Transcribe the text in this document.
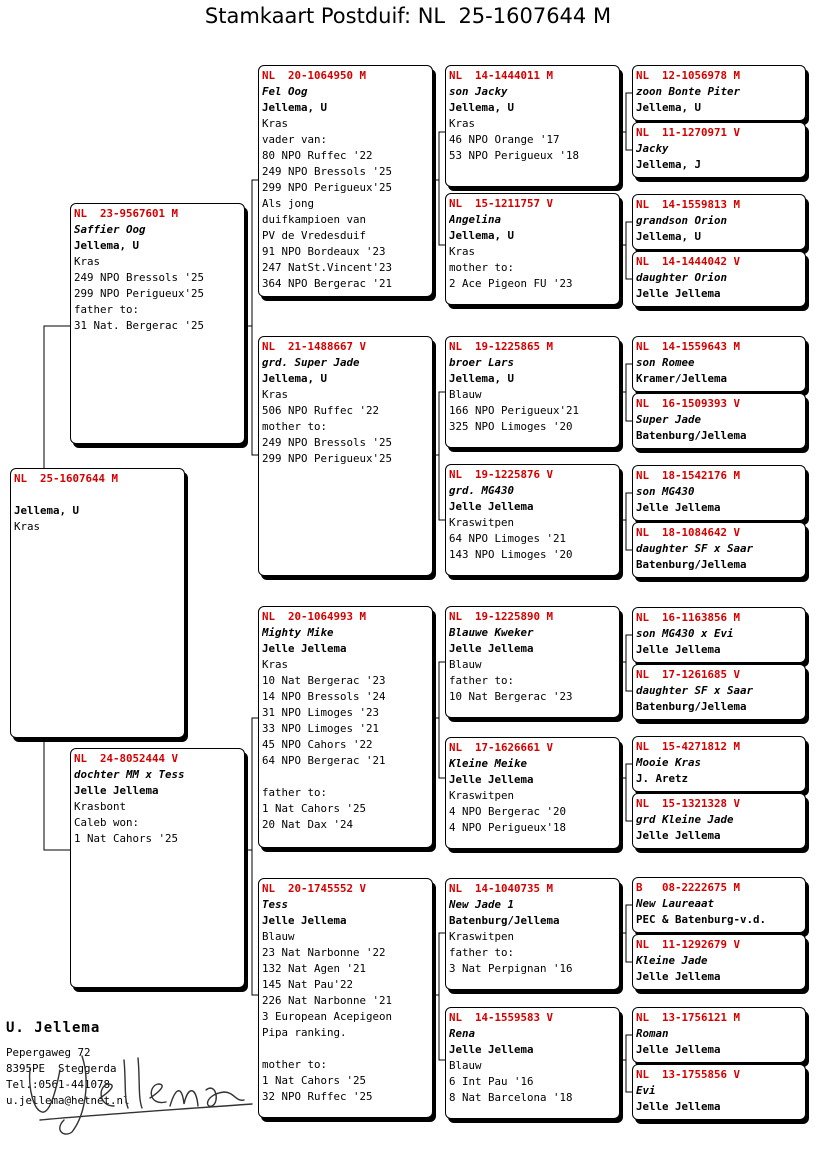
Stamkaart Postduif: NL  25-1607644 M
NL  25-1607644 M
Jellema, U
Kras
NL  23-9567601 M
Saffier Oog
Jellema, U
Kras
249 NPO Bressols '25
299 NPO Perigueux'25
father to:
31 Nat. Bergerac '25
NL  24-8052444 V
dochter MM x Tess
Jelle Jellema
Krasbont
Caleb won:
1 Nat Cahors '25
NL  20-1064950 M
Fel Oog
Jellema, U
Kras
vader van:
80 NPO Ruffec '22
249 NPO Bressols '25
299 NPO Perigueux'25
Als jong
duifkampioen van
PV de Vredesduif
91 NPO Bordeaux '23
247 NatSt.Vincent'23
364 NPO Bergerac '21
NL  21-1488667 V
grd. Super Jade
Jellema, U
Kras
506 NPO Ruffec '22
mother to:
249 NPO Bressols '25
299 NPO Perigueux'25
NL  20-1064993 M
Mighty Mike
Jelle Jellema
Kras
10 Nat Bergerac '23
14 NPO Bressols '24
31 NPO Limoges '23
33 NPO Limoges '21
45 NPO Cahors '22
64 NPO Bergerac '21
father to:
1 Nat Cahors '25
20 Nat Dax '24
NL  20-1745552 V
Tess
Jelle Jellema
Blauw
23 Nat Narbonne '22
132 Nat Agen '21
145 Nat Pau'22
226 Nat Narbonne '21
3 European Acepigeon
Pipa ranking.
mother to:
1 Nat Cahors '25
32 NPO Ruffec '25
NL  14-1444011 M
son Jacky
Jellema, U
Kras
46 NPO Orange '17
53 NPO Perigueux '18
NL  15-1211757 V
Angelina
Jellema, U
Kras
mother to:
2 Ace Pigeon FU '23
NL  19-1225865 M
broer Lars
Jellema, U
Blauw
166 NPO Perigueux'21
325 NPO Limoges '20
NL  19-1225876 V
grd. MG430
Jelle Jellema
Kraswitpen
64 NPO Limoges '21
143 NPO Limoges '20
NL  19-1225890 M
Blauwe Kweker
Jelle Jellema
Blauw
father to:
10 Nat Bergerac '23
NL  17-1626661 V
Kleine Meike
Jelle Jellema
Kraswitpen
4 NPO Bergerac '20
4 NPO Perigueux'18
NL  14-1040735 M
New Jade 1
Batenburg/Jellema
Kraswitpen
father to:
3 Nat Perpignan '16
NL  14-1559583 V
Rena
Jelle Jellema
Blauw
6 Int Pau '16
8 Nat Barcelona '18
NL  12-1056978 M
zoon Bonte Piter
Jellema, U
NL  11-1270971 V
Jacky
Jellema, J
NL  14-1559813 M
grandson Orion
Jellema, U
NL  14-1444042 V
daughter Orion
Jelle Jellema
NL  14-1559643 M
son Romee
Kramer/Jellema
NL  16-1509393 V
Super Jade
Batenburg/Jellema
NL  18-1542176 M
son MG430
Jelle Jellema
NL  18-1084642 V
daughter SF x Saar
Batenburg/Jellema
NL  16-1163856 M
son MG430 x Evi
Jelle Jellema
NL  17-1261685 V
daughter SF x Saar
Batenburg/Jellema
NL  15-4271812 M
Mooie Kras
J. Aretz
NL  15-1321328 V
grd Kleine Jade
Jelle Jellema
B   08-2222675 M
New Laureaat
PEC & Batenburg-v.d.
NL  11-1292679 V
Kleine Jade
Jelle Jellema
NL  13-1756121 M
Roman
Jelle Jellema
NL  13-1755856 V
Evi
Jelle Jellema
U. Jellema
Pepergaweg 72
8395PE  Steggerda
Tel.:0561-441078
u.jellema@hetnet.nl
